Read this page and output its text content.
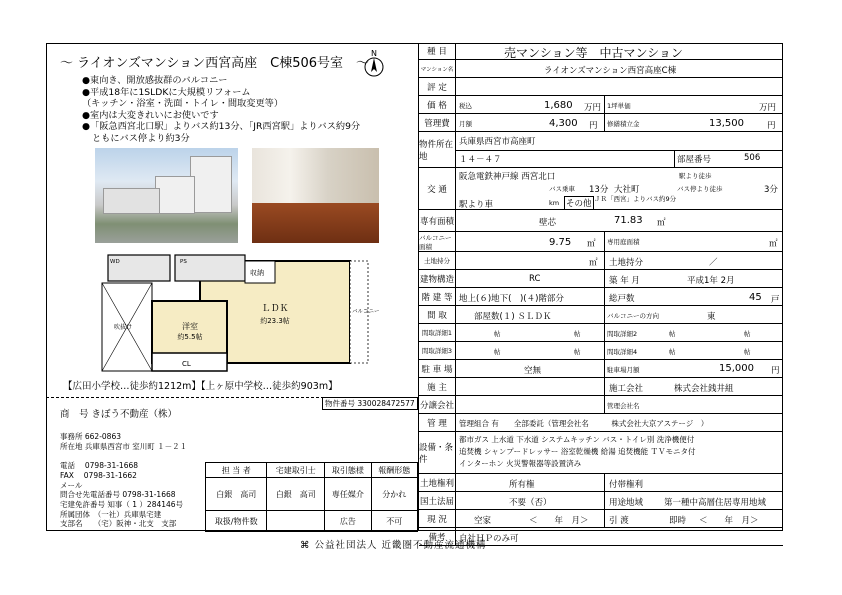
～ ライオンズマンション西宮高座　C棟506号室　～
N
●東向き、開放感抜群のバルコニー
●平成18年に1SLDKに大規模リフォーム
（キッチン・浴室・洗面・トイレ・間取変更等）
●室内は大変きれいにお使いです
●「阪急西宮北口駅」よりバス約13分、「JR西宮駅」よりバス約9分
ともにバス停より約3分
WD	PS
収納
ＬＤＫ
約23.3帖
洋室
約5.5帖
CL
バルコニー
吹抜け
【広田小学校…徒歩約1212m】【上ヶ原中学校…徒歩約903m】
物件番号 330028472577
商　号 きぼう不動産（株）
事務所 662-0863
所在地 兵庫県西宮市 室川町 １－２１
電話　 0798-31-1668
FAX　 0798-31-1662
メール
問合せ先電話番号 0798-31-1668
宅建免許番号 知事（ 1 ）284146号
所属団体　（一社）兵庫県宅建
支部名　　（宅）阪神・北支　支部
担 当 者	宅建取引士	取引態様	報酬形態
白銀　高司	白銀　高司	専任媒介	分かれ
取扱/物件数		広告	不可
⌘ 公益社団法人 近畿圏不動産流通機構
種 目	売マンション等　中古マンション
マンション名	ライオンズマンション西宮高座C棟
評 定
価 格	税込	1,680 万円 1坪単価	万円
管理費	月額	4,300 円 修繕積立金	13,500	円
物件所在地
兵庫県西宮市高座町
１４－４７	部屋番号	506
交 通
阪急電鉄神戸線 西宮北口	駅より徒歩
バス乗車 13分 大社町	バス停より徒歩	3分
駅より車	km その他 ＪＲ「西宮」よりバス約9分
専有面積	壁芯	71.83 ㎡
バルコニー面積	9.75 ㎡ 専用庭面積	㎡
土地持分	㎡ 土地持分	／
建物構造	RC	築 年 月	平成1年 2月
階 建 等 地上(６)地下(　)(４)階部分	総戸数	45 戸
間 取	部屋数(１) ＳＬＤＫ	バルコニーの方向	東
間取詳細1	帖	帖	間取詳細2	帖	帖
間取詳細3	帖	帖	間取詳細4	帖	帖
駐 車 場	空無	駐車場月額	15,000 円
施 主	施工会社	株式会社銭井組
分譲会社	管理会社名
管 理	管理組合 有　　全部委託（管理会社名　　　株式会社大京アステージ　）
設備・条件
都市ガス 上水道 下水道 システムキッチン バス・トイレ別 洗浄機便付
追焚機 シャンプードレッサー 浴室乾燥機 給湯 追焚機能 ＴＶモニタ付
インターホン 火災警報器等設置済み
土地権利	所有権	付帯権利
国土法届	不要（否）	用途地域 第一種中高層住居専用地域
現 況	空家	＜　　年　月＞ 引 渡	即時 ＜　　年　月＞
備考	自社ＨＰのみ可
